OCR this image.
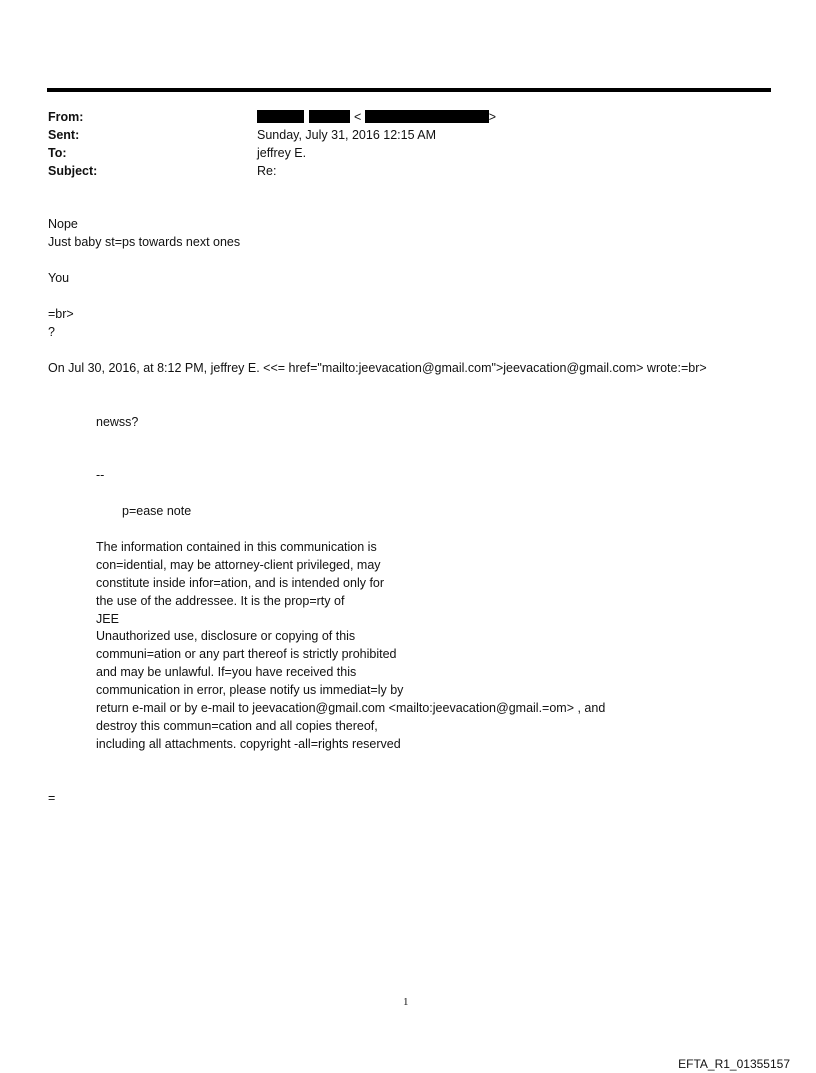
From:	<	>
Sent:	Sunday, July 31, 2016 12:15 AM
To:	jeffrey E.
Subject:	Re:
Nope
Just baby st=ps towards next ones
You
=br>
?
On Jul 30, 2016, at 8:12 PM, jeffrey E. <<= href="mailto:jeevacation@gmail.com">jeevacation@gmail.com> wrote:=br>
newss?
--
p=ease note
The information contained in this communication is
con=idential, may be attorney-client privileged, may
constitute inside infor=ation, and is intended only for
the use of the addressee. It is the prop=rty of
JEE
Unauthorized use, disclosure or copying of this
communi=ation or any part thereof is strictly prohibited
and may be unlawful. If=you have received this
communication in error, please notify us immediat=ly by
return e-mail or by e-mail to jeevacation@gmail.com <mailto:jeevacation@gmail.=om> , and
destroy this commun=cation and all copies thereof,
including all attachments. copyright -all=rights reserved
=
1
EFTA_R1_01355157
